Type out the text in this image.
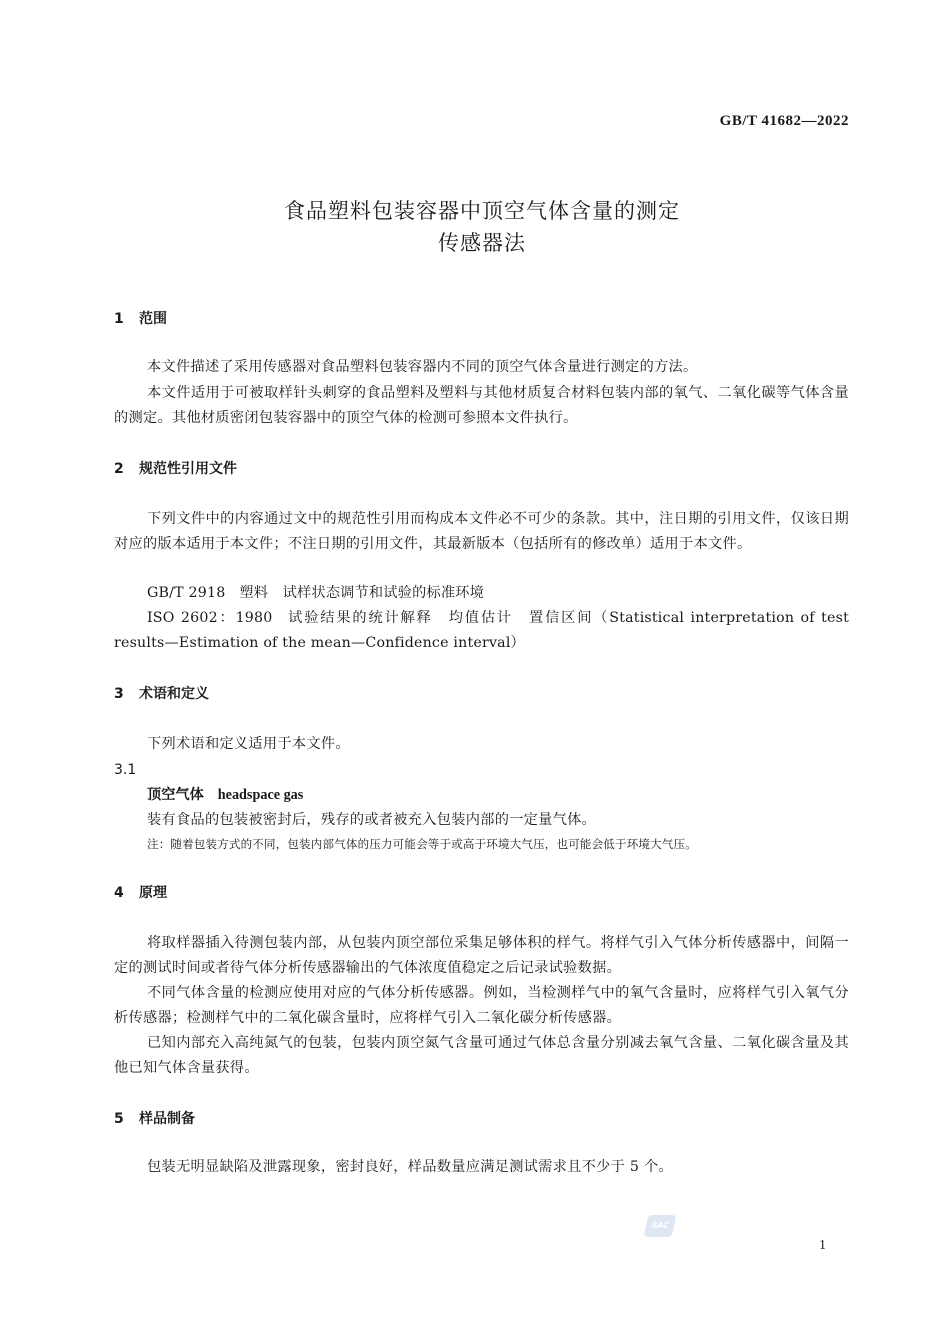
GB/T 41682—2022
食品塑料包装容器中顶空气体含量的测定
传感器法
1 范围

本文件描述了采用传感器对食品塑料包装容器内不同的顶空气体含量进行测定的方法。

本文件适用于可被取样针头刺穿的食品塑料及塑料与其他材质复合材料包装内部的氧气、二氧化碳等气体含量的测定。其他材质密闭包装容器中的顶空气体的检测可参照本文件执行。

2 规范性引用文件

下列文件中的内容通过文中的规范性引用而构成本文件必不可少的条款。其中，注日期的引用文件，仅该日期对应的版本适用于本文件；不注日期的引用文件，其最新版本（包括所有的修改单）适用于本文件。

GB/T 2918 塑料　试样状态调节和试验的标准环境

ISO 2602：1980 试验结果的统计解释　均值估计　置信区间（Statistical interpretation of test results—Estimation of the mean—Confidence interval）

3 术语和定义
下列术语和定义适用于本文件。
3.1
顶空气体 headspace gas
装有食品的包装被密封后，残存的或者被充入包装内部的一定量气体。
注：随着包装方式的不同，包装内部气体的压力可能会等于或高于环境大气压，也可能会低于环境大气压。
4 原理

将取样器插入待测包装内部，从包装内顶空部位采集足够体积的样气。将样气引入气体分析传感器中，间隔一定的测试时间或者待气体分析传感器输出的气体浓度值稳定之后记录试验数据。

不同气体含量的检测应使用对应的气体分析传感器。例如，当检测样气中的氧气含量时，应将样气引入氧气分析传感器；检测样气中的二氧化碳含量时，应将样气引入二氧化碳分析传感器。

已知内部充入高纯氮气的包装，包装内顶空氮气含量可通过气体总含量分别减去氧气含量、二氧化碳含量及其他已知气体含量获得。

5 样品制备
包装无明显缺陷及泄露现象，密封良好，样品数量应满足测试需求且不少于 5 个。
SAC
1
